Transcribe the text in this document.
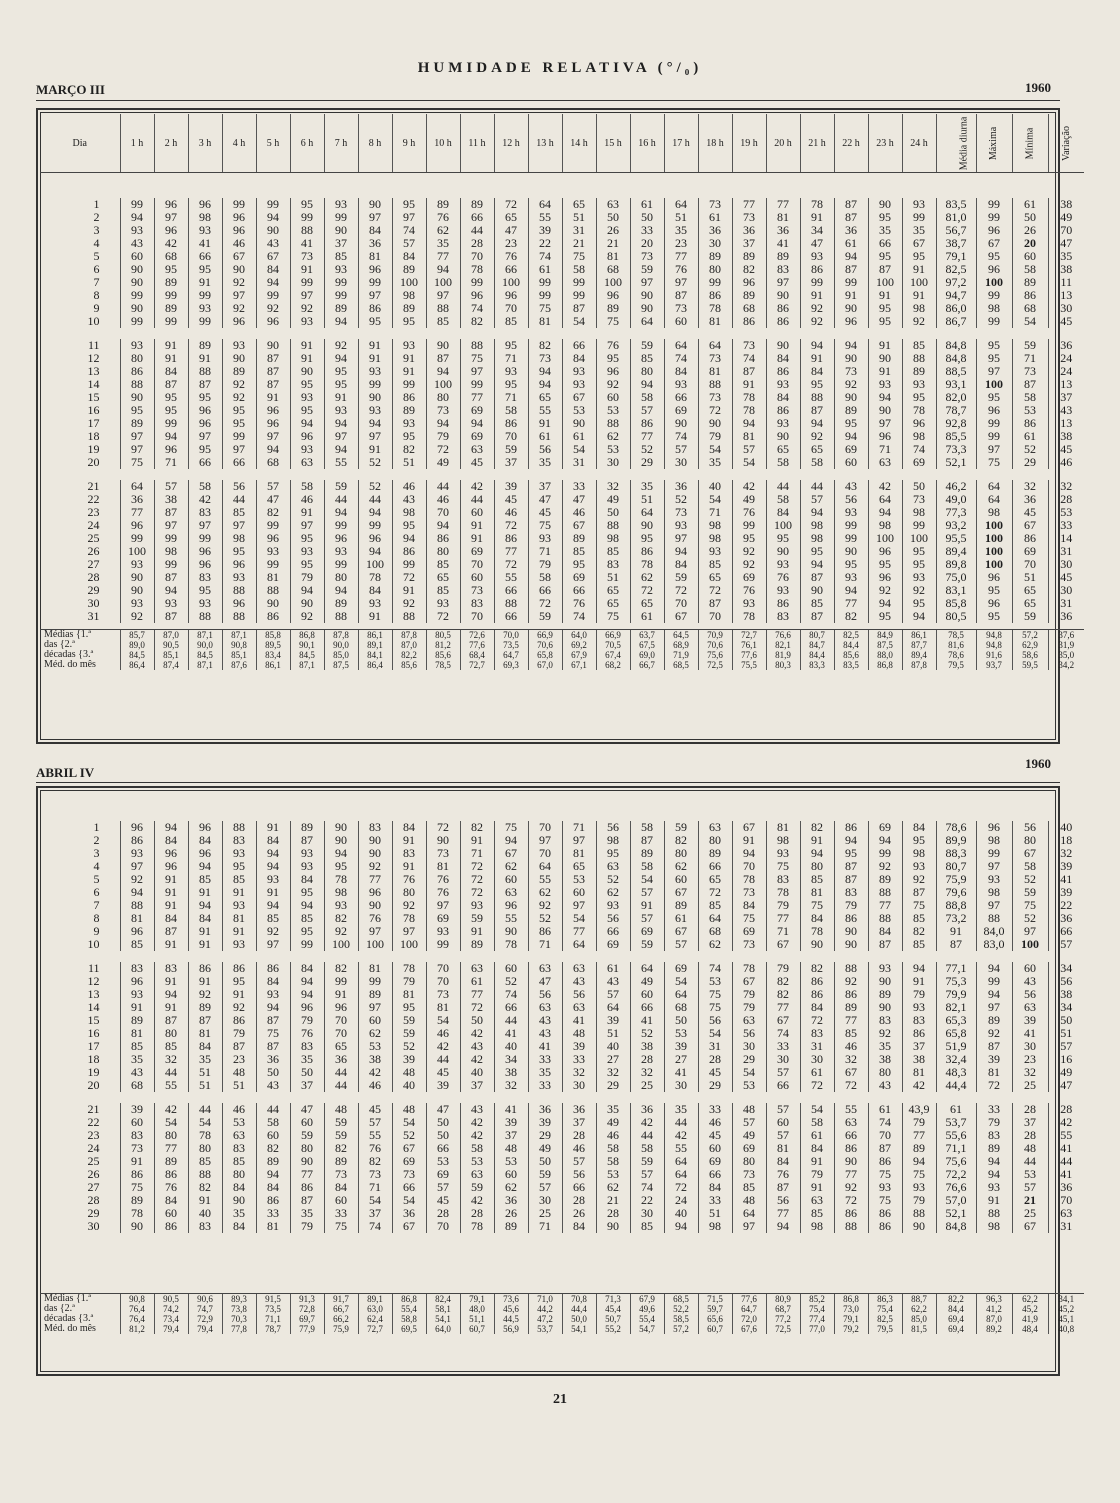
HUMIDADE RELATIVA (°/₀)
MARÇO III	1960
Dia	1 h	2 h	3 h	4 h	5 h	6 h	7 h	8 h	9 h	10 h	11 h	12 h	13 h	14 h	15 h	16 h	17 h	18 h	19 h	20 h	21 h	22 h	23 h	24 h	Média diurna	Máxima	Mínima	Variação

1	99	96	96	99	99	95	93	90	95	89	89	72	64	65	63	61	64	73	77	77	78	87	90	93	83,5	99	61	38
2	94	97	98	96	94	99	99	97	97	76	66	65	55	51	50	50	51	61	73	81	91	87	95	99	81,0	99	50	49
3	93	96	93	96	90	88	90	84	74	62	44	47	39	31	26	33	35	36	36	36	34	36	35	35	56,7	96	26	70
4	43	42	41	46	43	41	37	36	57	35	28	23	22	21	21	20	23	30	37	41	47	61	66	67	38,7	67	20	47
5	60	68	66	67	67	73	85	81	84	77	70	76	74	75	81	73	77	89	89	89	93	94	95	95	79,1	95	60	35
6	90	95	95	90	84	91	93	96	89	94	78	66	61	58	68	59	76	80	82	83	86	87	87	91	82,5	96	58	38
7	90	89	91	92	94	99	99	99	100	100	99	100	99	99	100	97	97	99	96	97	99	99	100	100	97,2	100	89	11
8	99	99	99	97	99	97	99	97	98	97	96	96	99	99	96	90	87	86	89	90	91	91	91	91	94,7	99	86	13
9	90	89	93	92	92	92	89	86	89	88	74	70	75	87	89	90	73	78	68	86	92	90	95	98	86,0	98	68	30
10	99	99	99	96	96	93	94	95	95	85	82	85	81	54	75	64	60	81	86	86	92	96	95	92	86,7	99	54	45

11	93	91	89	93	90	91	92	91	93	90	88	95	82	66	76	59	64	64	73	90	94	94	91	85	84,8	95	59	36
12	80	91	91	90	87	91	94	91	91	87	75	71	73	84	95	85	74	73	74	84	91	90	90	88	84,8	95	71	24
13	86	84	88	89	87	90	95	93	91	94	97	93	94	93	96	80	84	81	87	86	84	73	91	89	88,5	97	73	24
14	88	87	87	92	87	95	95	99	99	100	99	95	94	93	92	94	93	88	91	93	95	92	93	93	93,1	100	87	13
15	90	95	95	92	91	93	91	90	86	80	77	71	65	67	60	58	66	73	78	84	88	90	94	95	82,0	95	58	37
16	95	95	96	95	96	95	93	93	89	73	69	58	55	53	53	57	69	72	78	86	87	89	90	78	78,7	96	53	43
17	89	99	96	95	96	94	94	94	93	94	94	86	91	90	88	86	90	90	94	93	94	95	97	96	92,8	99	86	13
18	97	94	97	99	97	96	97	97	95	79	69	70	61	61	62	77	74	79	81	90	92	94	96	98	85,5	99	61	38
19	97	96	95	97	94	93	94	91	82	72	63	59	56	54	53	52	57	54	57	65	65	69	71	74	73,3	97	52	45
20	75	71	66	66	68	63	55	52	51	49	45	37	35	31	30	29	30	35	54	58	58	60	63	69	52,1	75	29	46

21	64	57	58	56	57	58	59	52	46	44	42	39	37	33	32	35	36	40	42	44	44	43	42	50	46,2	64	32	32
22	36	38	42	44	47	46	44	44	43	46	44	45	47	47	49	51	52	54	49	58	57	56	64	73	49,0	64	36	28
23	77	87	83	85	82	91	94	94	98	70	60	46	45	46	50	64	73	71	76	84	94	93	94	98	77,3	98	45	53
24	96	97	97	97	99	97	99	99	95	94	91	72	75	67	88	90	93	98	99	100	98	99	98	99	93,2	100	67	33
25	99	99	99	98	96	95	96	96	94	86	91	86	93	89	98	95	97	98	95	95	98	99	100	100	95,5	100	86	14
26	100	98	96	95	93	93	93	94	86	80	69	77	71	85	85	86	94	93	92	90	95	90	96	95	89,4	100	69	31
27	93	99	96	96	99	95	99	100	99	85	70	72	79	95	83	78	84	85	92	93	94	95	95	95	89,8	100	70	30
28	90	87	83	93	81	79	80	78	72	65	60	55	58	69	51	62	59	65	69	76	87	93	96	93	75,0	96	51	45
29	90	94	95	88	88	94	94	84	91	85	73	66	66	66	65	72	72	72	76	93	90	94	92	92	83,1	95	65	30
30	93	93	93	96	90	90	89	93	92	93	83	88	72	76	65	65	70	87	93	86	85	77	94	95	85,8	96	65	31
31	92	87	88	88	86	92	88	91	88	72	70	66	59	74	75	61	67	70	78	83	87	82	95	94	80,5	95	59	36

Médias {1.ª	85,7	87,0	87,1	87,1	85,8	86,8	87,8	86,1	87,8	80,5	72,6	70,0	66,9	64,0	66,9	63,7	64,5	70,9	72,7	76,6	80,7	82,5	84,9	86,1	78,5	94,8	57,2	37,6
das {2.ª	89,0	90,5	90,0	90,8	89,5	90,1	90,0	89,1	87,0	81,2	77,6	73,5	70,6	69,2	70,5	67,5	68,9	70,6	76,1	82,1	84,7	84,4	87,5	87,7	81,6	94,8	62,9	31,9
décadas {3.ª	84,5	85,1	84,5	85,1	83,4	84,5	85,0	84,1	82,2	85,6	68,4	64,7	65,8	67,9	67,4	69,0	71,9	75,6	77,6	81,9	84,4	85,6	88,0	89,4	78,6	91,6	58,6	35,0
Méd. do mês	86,4	87,4	87,1	87,6	86,1	87,1	87,5	86,4	85,6	78,5	72,7	69,3	67,0	67,1	68,2	66,7	68,5	72,5	75,5	80,3	83,3	83,5	86,8	87,8	79,5	93,7	59,5	34,2
ABRIL IV
1960

1	96	94	96	88	91	89	90	83	84	72	82	75	70	71	56	58	59	63	67	81	82	86	69	84	78,6	96	56	40
2	86	84	84	83	84	87	90	90	91	90	91	94	97	97	98	87	82	80	91	98	91	94	94	95	89,9	98	80	18
3	93	96	96	93	94	93	94	90	83	73	71	67	70	81	95	89	80	89	94	93	94	95	99	98	88,3	99	67	32
4	97	96	94	95	94	93	95	92	91	81	72	62	64	65	63	58	62	66	70	75	80	87	92	93	80,7	97	58	39
5	92	91	85	85	93	84	78	77	76	76	72	60	55	53	52	54	60	65	78	83	85	87	89	92	75,9	93	52	41
6	94	91	91	91	91	95	98	96	80	76	72	63	62	60	62	57	67	72	73	78	81	83	88	87	79,6	98	59	39
7	88	91	94	93	94	94	93	90	92	97	93	96	92	97	93	91	89	85	84	79	75	79	77	75	88,8	97	75	22
8	81	84	84	81	85	85	82	76	78	69	59	55	52	54	56	57	61	64	75	77	84	86	88	85	73,2	88	52	36
9	96	87	91	91	92	95	92	97	97	93	91	90	86	77	66	69	67	68	69	71	78	90	84	82	91	84,0	97	66
10	85	91	91	93	97	99	100	100	100	99	89	78	71	64	69	59	57	62	73	67	90	90	87	85	87	83,0	100	57

11	83	83	86	86	86	84	82	81	78	70	63	60	63	63	61	64	69	74	78	79	82	88	93	94	77,1	94	60	34
12	96	91	91	95	84	94	99	99	79	70	61	52	47	43	43	49	54	53	67	82	86	92	90	91	75,3	99	43	56
13	93	94	92	91	93	94	91	89	81	73	77	74	56	56	57	60	64	75	79	82	86	86	89	79	79,9	94	56	38
14	91	91	89	92	94	96	96	97	95	81	72	66	63	63	64	66	68	75	79	77	84	89	90	93	82,1	97	63	34
15	89	87	87	86	87	79	70	60	59	54	50	44	43	41	39	41	50	56	63	67	72	77	83	83	65,3	89	39	50
16	81	80	81	79	75	76	70	62	59	46	42	41	43	48	51	52	53	54	56	74	83	85	92	86	65,8	92	41	51
17	85	85	84	87	87	83	65	53	52	42	43	40	41	39	40	38	39	31	30	33	31	46	35	37	51,9	87	30	57
18	35	32	35	23	36	35	36	38	39	44	42	34	33	33	27	28	27	28	29	30	30	32	38	38	32,4	39	23	16
19	43	44	51	48	50	50	44	42	48	45	40	38	35	32	32	32	41	45	54	57	61	67	80	81	48,3	81	32	49
20	68	55	51	51	43	37	44	46	40	39	37	32	33	30	29	25	30	29	53	66	72	72	43	42	44,4	72	25	47

21	39	42	44	46	44	47	48	45	48	47	43	41	36	36	35	36	35	33	48	57	54	55	61	43,9	61	33	28	28
22	60	54	54	53	58	60	59	57	54	50	42	39	39	37	49	42	44	46	57	60	58	63	74	79	53,7	79	37	42
23	83	80	78	63	60	59	59	55	52	50	42	37	29	28	46	44	42	45	49	57	61	66	70	77	55,6	83	28	55
24	73	77	80	83	82	80	82	76	67	66	58	48	49	46	58	58	55	60	69	81	84	86	87	89	71,1	89	48	41
25	91	89	85	85	89	90	89	82	69	53	53	53	50	57	58	59	64	69	80	84	91	90	86	94	75,6	94	44	44
26	86	86	88	80	94	77	73	73	73	69	63	60	59	56	53	57	64	66	73	76	79	77	75	75	72,2	94	53	41
27	75	76	82	84	84	86	84	71	66	57	59	62	57	66	62	74	72	84	85	87	91	92	93	93	76,6	93	57	36
28	89	84	91	90	86	87	60	54	54	45	42	36	30	28	21	22	24	33	48	56	63	72	75	79	57,0	91	21	70
29	78	60	40	35	33	35	33	37	36	28	28	26	25	26	28	30	40	51	64	77	85	86	86	88	52,1	88	25	63
30	90	86	83	84	81	79	75	74	67	70	78	89	71	84	90	85	94	98	97	94	98	88	86	90	84,8	98	67	31

Médias {1.ª	90,8	90,5	90,6	89,3	91,5	91,3	91,7	89,1	86,8	82,4	79,1	73,6	71,0	70,8	71,3	67,9	68,5	71,5	77,6	80,9	85,2	86,8	86,3	88,7	82,2	96,3	62,2	34,1
das {2.ª	76,4	74,2	74,7	73,8	73,5	72,8	66,7	63,0	55,4	58,1	48,0	45,6	44,2	44,4	45,4	49,6	52,2	59,7	64,7	68,7	75,4	73,0	75,4	62,2	84,4	41,2	45,2	45,2
décadas {3.ª	76,4	73,4	72,9	70,3	71,1	69,7	66,2	62,4	58,8	54,1	51,1	44,5	47,2	50,0	50,7	55,4	58,5	65,6	72,0	77,2	77,4	79,1	82,5	85,0	69,4	87,0	41,9	45,1
Méd. do mês	81,2	79,4	79,4	77,8	78,7	77,9	75,9	72,7	69,5	64,0	60,7	56,9	53,7	54,1	55,2	54,7	57,2	60,7	67,6	72,5	77,0	79,2	79,5	81,5	69,4	89,2	48,4	40,8
21
